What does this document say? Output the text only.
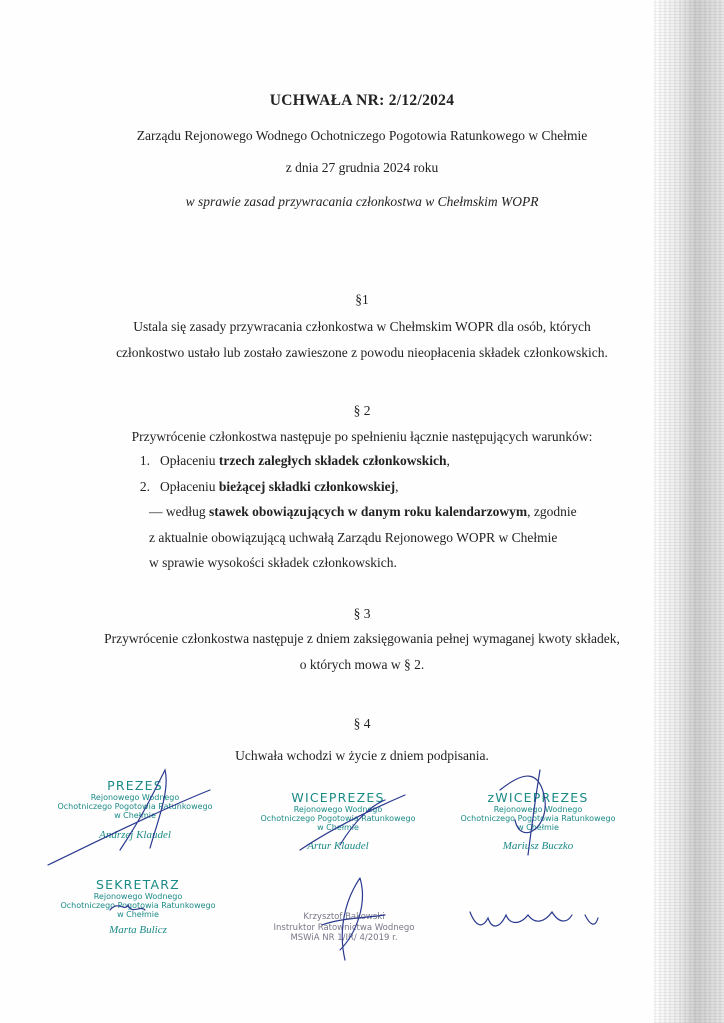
UCHWAŁA NR: 2/12/2024
Zarządu Rejonowego Wodnego Ochotniczego Pogotowia Ratunkowego w Chełmie
z dnia 27 grudnia 2024 roku
w sprawie zasad przywracania członkostwa w Chełmskim WOPR
§1
Ustala się zasady przywracania członkostwa w Chełmskim WOPR dla osób, których
członkostwo ustało lub zostało zawieszone z powodu nieopłacenia składek członkowskich.
§ 2
Przywrócenie członkostwa następuje po spełnieniu łącznie następujących warunków:
1. Opłaceniu trzech zaległych składek członkowskich,
2. Opłaceniu bieżącej składki członkowskiej,
— według stawek obowiązujących w danym roku kalendarzowym, zgodnie
z aktualnie obowiązującą uchwałą Zarządu Rejonowego WOPR w Chełmie
w sprawie wysokości składek członkowskich.
§ 3
Przywrócenie członkostwa następuje z dniem zaksięgowania pełnej wymaganej kwoty składek,
o których mowa w § 2.
§ 4
Uchwała wchodzi w życie z dniem podpisania.
PREZES
Rejonowego Wodnego
Ochotniczego Pogotowia Ratunkowego
w Chełmie
Andrzej Klaudel
WICEPREZES
Rejonowego Wodnego
Ochotniczego Pogotowia Ratunkowego
w Chełmie
Artur Klaudel
zWICEPREZES
Rejonowego Wodnego
Ochotniczego Pogotowia Ratunkowego
w Chełmie
Mariusz Buczko
SEKRETARZ
Rejonowego Wodnego
Ochotniczego Pogotowia Ratunkowego
w Chełmie
Marta Bulicz
Krzysztof Bakowski
Instruktor Ratownictwa Wodnego
MSWiA NR 1/IR/ 4/2019 r.
